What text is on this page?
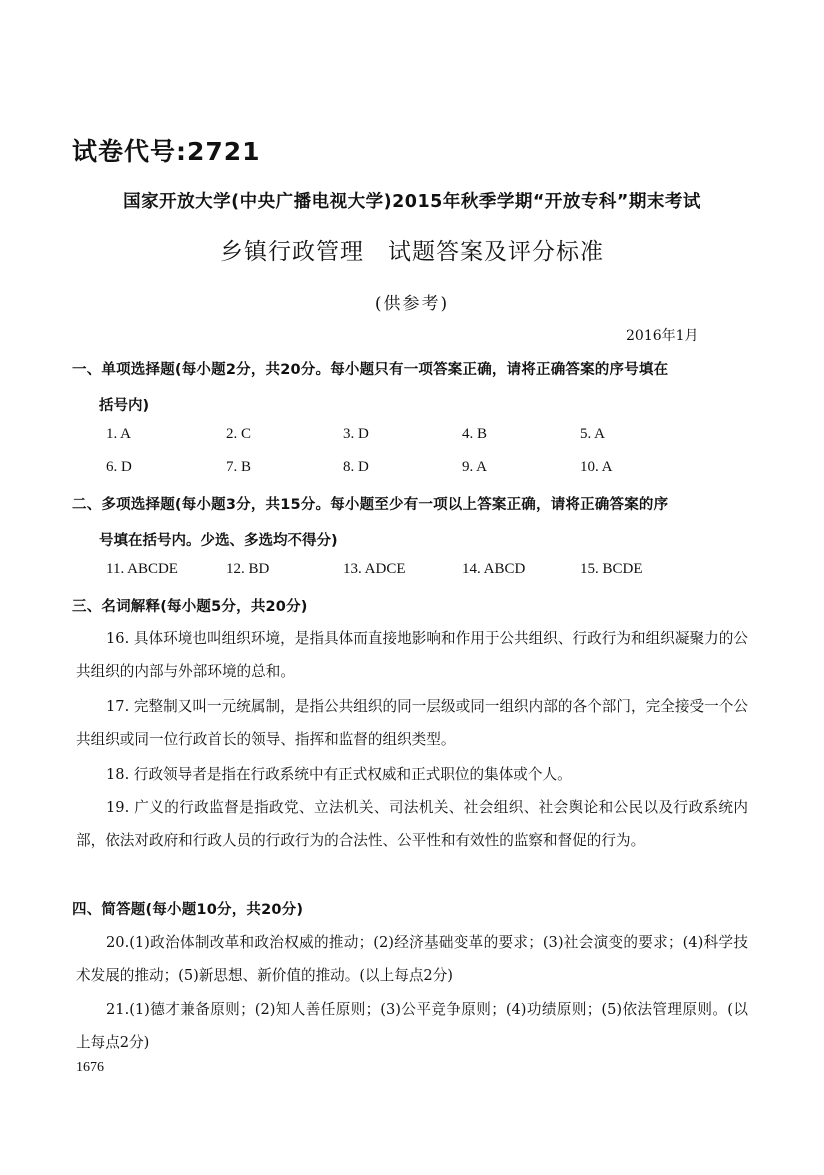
试卷代号:2721
国家开放大学(中央广播电视大学)2015年秋季学期“开放专科”期末考试
乡镇行政管理　试题答案及评分标准
(供参考)
2016年1月
一、单项选择题(每小题2分，共20分。每小题只有一项答案正确，请将正确答案的序号填在
括号内)
1. A	2. C	3. D	4. B	5. A
6. D	7. B	8. D	9. A	10. A
二、多项选择题(每小题3分，共15分。每小题至少有一项以上答案正确，请将正确答案的序
号填在括号内。少选、多选均不得分)
11. ABCDE	12. BD	13. ADCE	14. ABCD	15. BCDE
三、名词解释(每小题5分，共20分)
16. 具体环境也叫组织环境，是指具体而直接地影响和作用于公共组织、行政行为和组织凝聚力的公共组织的内部与外部环境的总和。
17. 完整制又叫一元统属制，是指公共组织的同一层级或同一组织内部的各个部门，完全接受一个公共组织或同一位行政首长的领导、指挥和监督的组织类型。
18. 行政领导者是指在行政系统中有正式权威和正式职位的集体或个人。
19. 广义的行政监督是指政党、立法机关、司法机关、社会组织、社会舆论和公民以及行政系统内部，依法对政府和行政人员的行政行为的合法性、公平性和有效性的监察和督促的行为。
四、简答题(每小题10分，共20分)
20.(1)政治体制改革和政治权威的推动；(2)经济基础变革的要求；(3)社会演变的要求；(4)科学技术发展的推动；(5)新思想、新价值的推动。(以上每点2分)
21.(1)德才兼备原则；(2)知人善任原则；(3)公平竞争原则；(4)功绩原则；(5)依法管理原则。(以上每点2分)
1676
